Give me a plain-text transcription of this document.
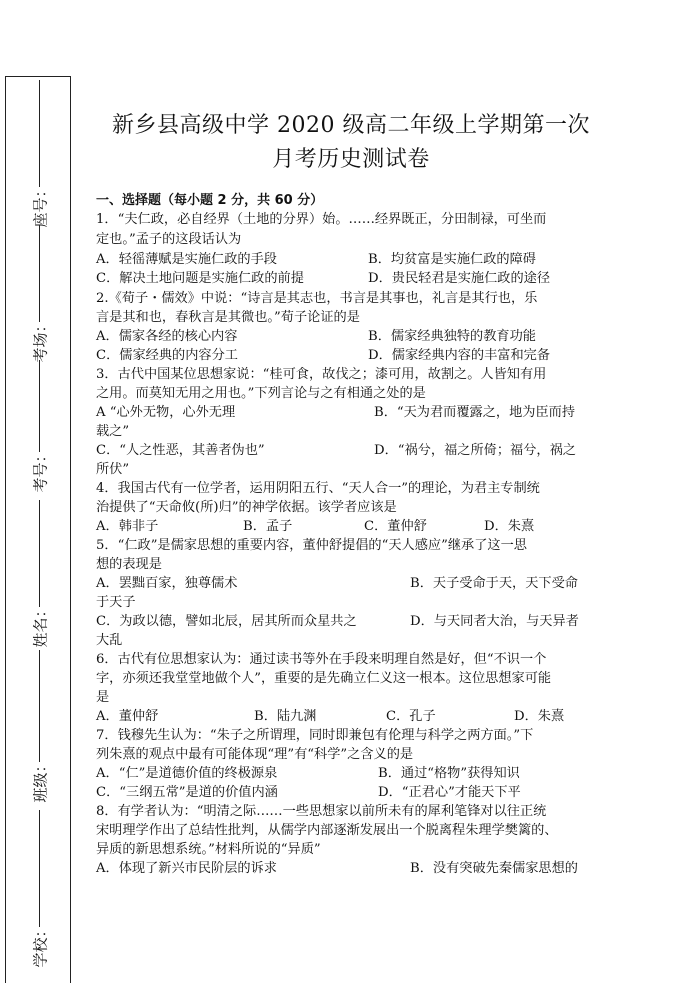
座号：
考场：
考号：
姓名：
班级：
学校：
新乡县高级中学 2020 级高二年级上学期第一次
月考历史测试卷
一、选择题（每小题 2 分，共 60 分）
1．“夫仁政，必自经界（土地的分界）始。……经界既正，分田制禄，可坐而
定也。”孟子的这段话认为
A．轻徭薄赋是实施仁政的手段	B．均贫富是实施仁政的障碍
C．解决土地问题是实施仁政的前提	D．贵民轻君是实施仁政的途径
2.《荀子・儒效》中说：“诗言是其志也，书言是其事也，礼言是其行也，乐
言是其和也，春秋言是其微也。”荀子论证的是
A．儒家各经的核心内容	B．儒家经典独特的教育功能
C．儒家经典的内容分工	D．儒家经典内容的丰富和完备
3．古代中国某位思想家说：“桂可食，故伐之；漆可用，故割之。人皆知有用
之用。而莫知无用之用也。”下列言论与之有相通之处的是
A “心外无物，心外无理	B．“天为君而覆露之，地为臣而持
载之”
C．“人之性恶，其善者伪也”	D．“祸兮，福之所倚；福兮，祸之
所伏”
4．我国古代有一位学者，运用阴阳五行、“天人合一”的理论，为君主专制统
治提供了“天命攸(所)归”的神学依据。该学者应该是
A．韩非子	B．孟子	C．董仲舒	D．朱熹
5．“仁政”是儒家思想的重要内容，董仲舒提倡的“天人感应”继承了这一思
想的表现是
A．罢黜百家，独尊儒术	B．天子受命于天，天下受命
于天子
C．为政以德，譬如北辰，居其所而众星共之	D．与天同者大治，与天异者
大乱
6．古代有位思想家认为：通过读书等外在手段来明理自然是好，但“不识一个
字，亦须还我堂堂地做个人”，重要的是先确立仁义这一根本。这位思想家可能
是
A．董仲舒	B．陆九渊	C．孔子	D．朱熹
7．钱穆先生认为：“朱子之所谓理，同时即兼包有伦理与科学之两方面。”下
列朱熹的观点中最有可能体现“理”有“科学”之含义的是
A．“仁”是道德价值的终极源泉	B．通过“格物”获得知识
C．“三纲五常”是道的价值内涵	D．“正君心”才能天下平
8．有学者认为：“明清之际……一些思想家以前所未有的犀利笔锋对以往正统
宋明理学作出了总结性批判，从儒学内部逐渐发展出一个脱离程朱理学樊篱的、
异质的新思想系统。”材料所说的“异质”
A．体现了新兴市民阶层的诉求	B．没有突破先秦儒家思想的
